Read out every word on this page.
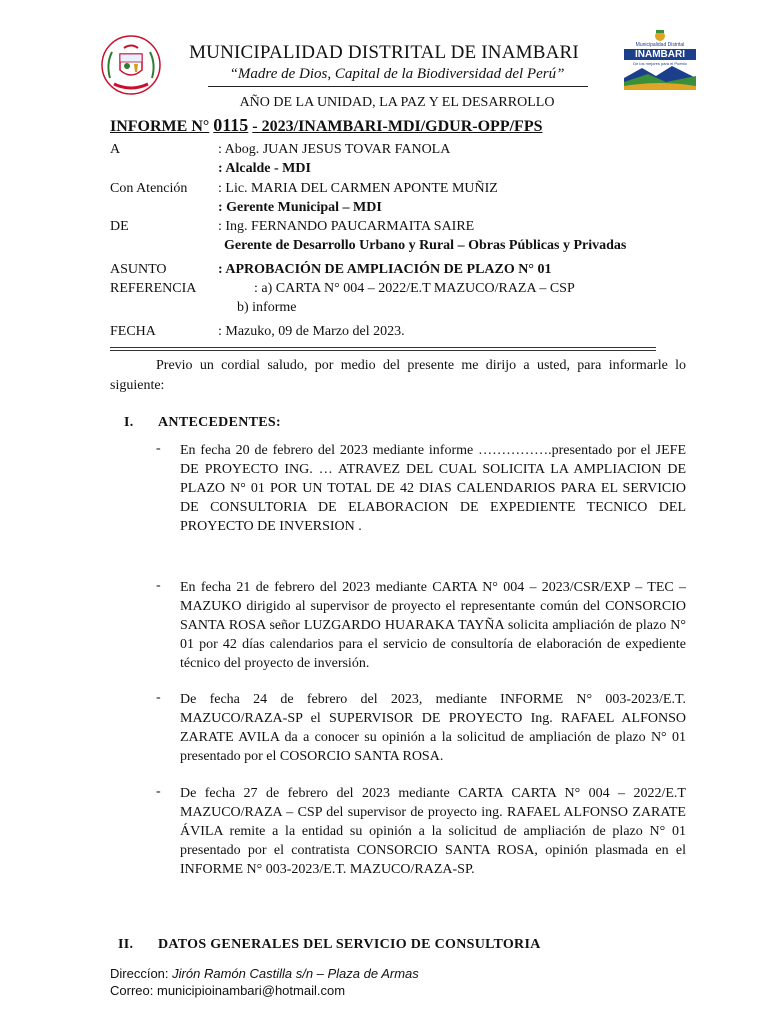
Municipalidad Distrital
INAMBARI
De los mejores para el Pueblo
MUNICIPALIDAD DISTRITAL DE INAMBARI
“Madre de Dios, Capital de la Biodiversidad del Perú”
AÑO DE LA UNIDAD, LA PAZ Y EL DESARROLLO
INFORME N° 0115 - 2023/INAMBARI-MDI/GDUR-OPP/FPS
A	: Abog. JUAN JESUS TOVAR FANOLA
: Alcalde - MDI
Con Atención : Lic. MARIA DEL CARMEN APONTE MUÑIZ
: Gerente Municipal – MDI
DE	: Ing. FERNANDO PAUCARMAITA SAIRE
Gerente de Desarrollo Urbano y Rural – Obras Públicas y Privadas
ASUNTO	: APROBACIÓN DE AMPLIACIÓN DE PLAZO N° 01
REFERENCIA	: a) CARTA N° 004 – 2022/E.T MAZUCO/RAZA – CSP
b) informe
FECHA	: Mazuko, 09 de Marzo del 2023.
Previo un cordial saludo, por medio del presente me dirijo a usted, para informarle lo siguiente:
I. ANTECEDENTES:
- En fecha 20 de febrero del 2023 mediante informe …………….presentado por el JEFE DE PROYECTO ING. … ATRAVEZ DEL CUAL SOLICITA LA AMPLIACION DE PLAZO N° 01 POR UN TOTAL DE 42 DIAS CALENDARIOS PARA EL SERVICIO DE CONSULTORIA DE ELABORACION DE EXPEDIENTE TECNICO DEL PROYECTO DE INVERSION .
- En fecha 21 de febrero del 2023 mediante CARTA N° 004 – 2023/CSR/EXP – TEC – MAZUKO dirigido al supervisor de proyecto el representante común del CONSORCIO SANTA ROSA señor LUZGARDO HUARAKA TAYÑA solicita ampliación de plazo N° 01 por 42 días calendarios para el servicio de consultoría de elaboración de expediente técnico del proyecto de inversión.
- De fecha 24 de febrero del 2023, mediante INFORME N° 003-2023/E.T. MAZUCO/RAZA-SP el SUPERVISOR DE PROYECTO Ing. RAFAEL ALFONSO ZARATE AVILA da a conocer su opinión a la solicitud de ampliación de plazo N° 01 presentado por el COSORCIO SANTA ROSA.
- De fecha 27 de febrero del 2023 mediante CARTA CARTA N° 004 – 2022/E.T MAZUCO/RAZA – CSP del supervisor de proyecto ing. RAFAEL ALFONSO ZARATE ÁVILA remite a la entidad su opinión a la solicitud de ampliación de plazo N° 01 presentado por el contratista CONSORCIO SANTA ROSA, opinión plasmada en el INFORME N° 003-2023/E.T. MAZUCO/RAZA-SP.
II. DATOS GENERALES DEL SERVICIO DE CONSULTORIA
Direccíon: Jirón Ramón Castilla s/n – Plaza de Armas
Correo: municipioinambari@hotmail.com
